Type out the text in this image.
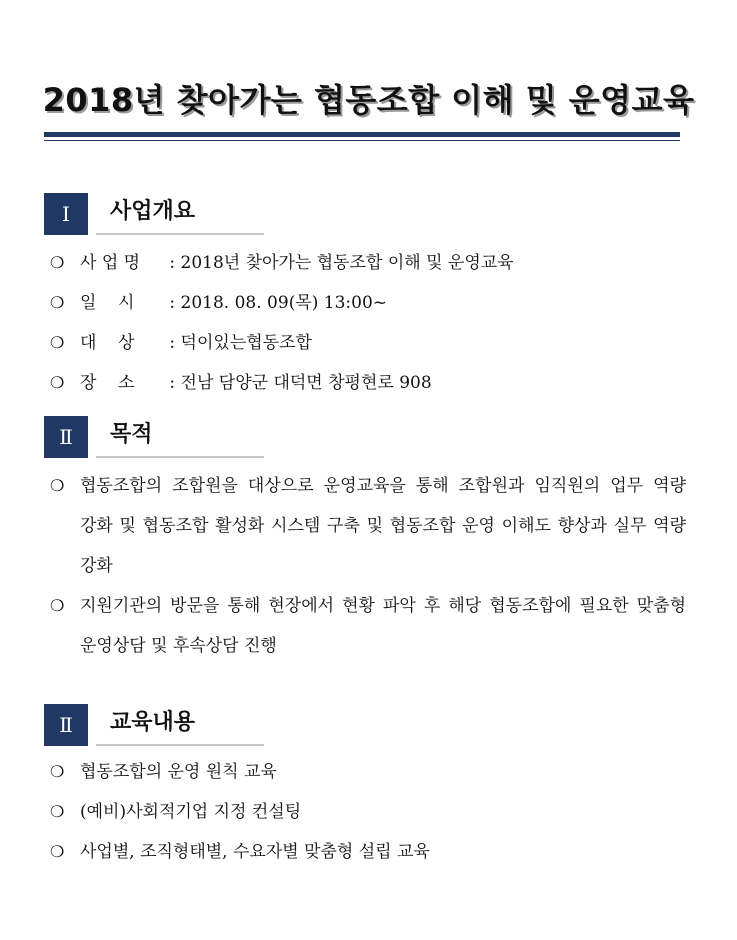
2018년 찾아가는 협동조합 이해 및 운영교육
Ⅰ	사업개요
❍ 사 업 명 : 2018년 찾아가는 협동조합 이해 및 운영교육
❍ 일    시 : 2018. 08. 09(목) 13:00~
❍ 대    상 : 덕이있는협동조합
❍ 장    소 : 전남 담양군 대덕면 창평현로 908
Ⅱ	목적
❍ 협동조합의 조합원을 대상으로 운영교육을 통해 조합원과 임직원의 업무 역량 강화 및 협동조합 활성화 시스템 구축 및 협동조합 운영 이해도 향상과 실무 역량 강화
❍ 지원기관의 방문을 통해 현장에서 현황 파악 후 해당 협동조합에 필요한 맞춤형 운영상담 및 후속상담 진행
Ⅱ	교육내용
❍ 협동조합의 운영 원칙 교육
❍ (예비)사회적기업 지정 컨설팅
❍ 사업별, 조직형태별, 수요자별 맞춤형 설립 교육
